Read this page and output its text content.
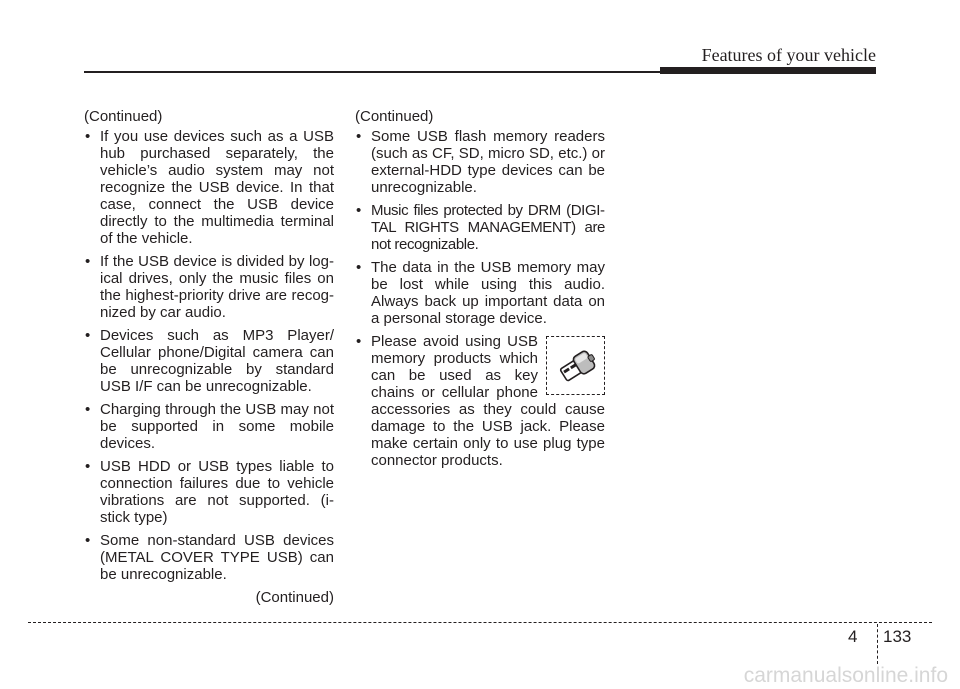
Features of your vehicle

(Continued)

• If you use devices such as a USB hub purchased separately, the vehicle’s audio system may not recognize the USB device. In that case, connect the USB device directly to the multimedia terminal of the vehicle.

• If the USB device is divided by logical drives, only the music files on the highest-priority drive are recognized by car audio.

• Devices such as MP3 Player/ Cellular phone/Digital camera can be unrecognizable by standard USB I/F can be unrecognizable.

• Charging through the USB may not be supported in some mobile devices.

• USB HDD or USB types liable to connection failures due to vehicle vibrations are not supported. (i-stick type)

• Some non-standard USB devices (METAL COVER TYPE USB) can be unrecognizable.

(Continued)

(Continued)

• Some USB flash memory readers (such as CF, SD, micro SD, etc.) or external-HDD type devices can be unrecognizable.

• Music files protected by DRM (DIGITAL RIGHTS MANAGEMENT) are not recognizable.

• The data in the USB memory may be lost while using this audio. Always back up important data on a personal storage device.

• Please avoid using USB memory products which can be used as key chains or cellular phone accessories as they could cause damage to the USB jack. Please make certain only to use plug type connector products.
4 133
carmanualsonline.info
